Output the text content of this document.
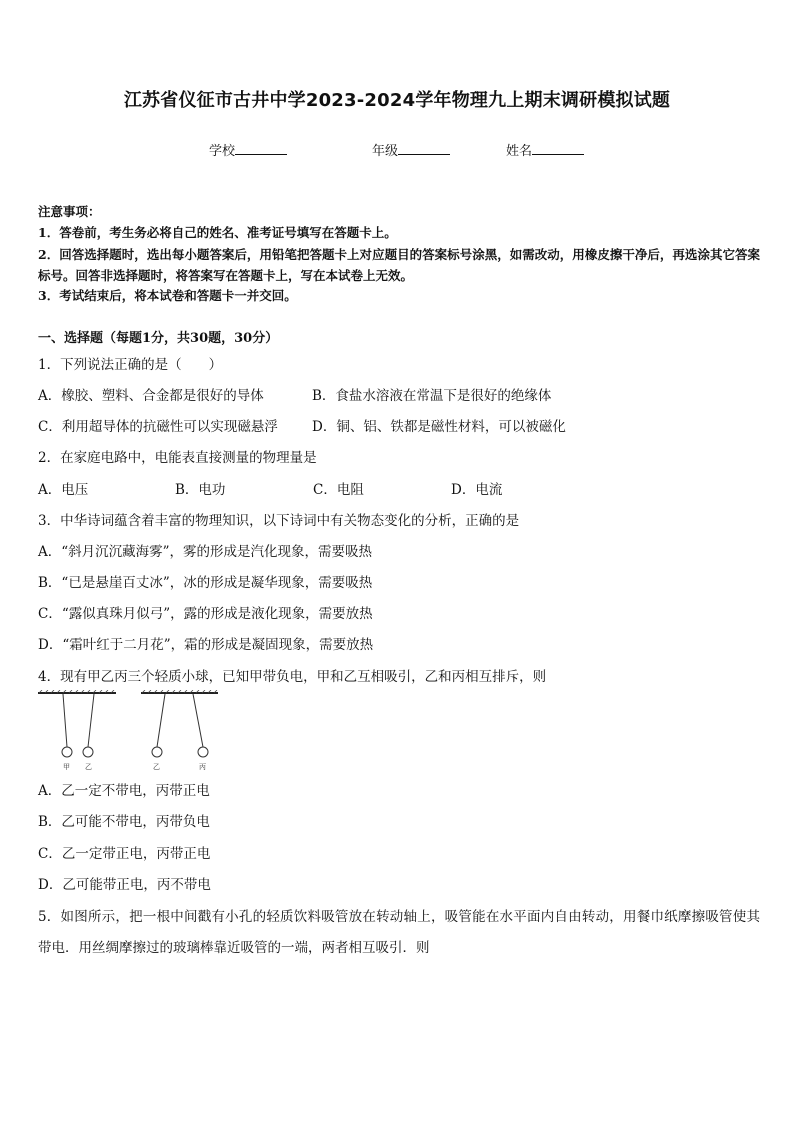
江苏省仪征市古井中学2023-2024学年物理九上期末调研模拟试题
学校	年级	姓名
注意事项：
1．答卷前，考生务必将自己的姓名、准考证号填写在答题卡上。
2．回答选择题时，选出每小题答案后，用铅笔把答题卡上对应题目的答案标号涂黑，如需改动，用橡皮擦干净后，再选涂其它答案标号。回答非选择题时，将答案写在答题卡上，写在本试卷上无效。
3．考试结束后，将本试卷和答题卡一并交回。
一、选择题（每题1分，共30题，30分）
1．下列说法正确的是（　　）
A．橡胶、塑料、合金都是很好的导体	B．食盐水溶液在常温下是很好的绝缘体
C．利用超导体的抗磁性可以实现磁悬浮	D．铜、铝、铁都是磁性材料，可以被磁化
2．在家庭电路中，电能表直接测量的物理量是
A．电压	B．电功	C．电阻	D．电流
3．中华诗词蕴含着丰富的物理知识，以下诗词中有关物态变化的分析，正确的是
A．“斜月沉沉藏海雾”，雾的形成是汽化现象，需要吸热
B．“已是悬崖百丈冰”，冰的形成是凝华现象，需要吸热
C．“露似真珠月似弓”，露的形成是液化现象，需要放热
D．“霜叶红于二月花”，霜的形成是凝固现象，需要放热
4．现有甲乙丙三个轻质小球，已知甲带负电，甲和乙互相吸引，乙和丙相互排斥，则
甲 乙	乙	丙
A．乙一定不带电，丙带正电
B．乙可能不带电，丙带负电
C．乙一定带正电，丙带正电
D．乙可能带正电，丙不带电
5．如图所示，把一根中间戳有小孔的轻质饮料吸管放在转动轴上，吸管能在水平面内自由转动，用餐巾纸摩擦吸管使其带电．用丝绸摩擦过的玻璃棒靠近吸管的一端，两者相互吸引．则
